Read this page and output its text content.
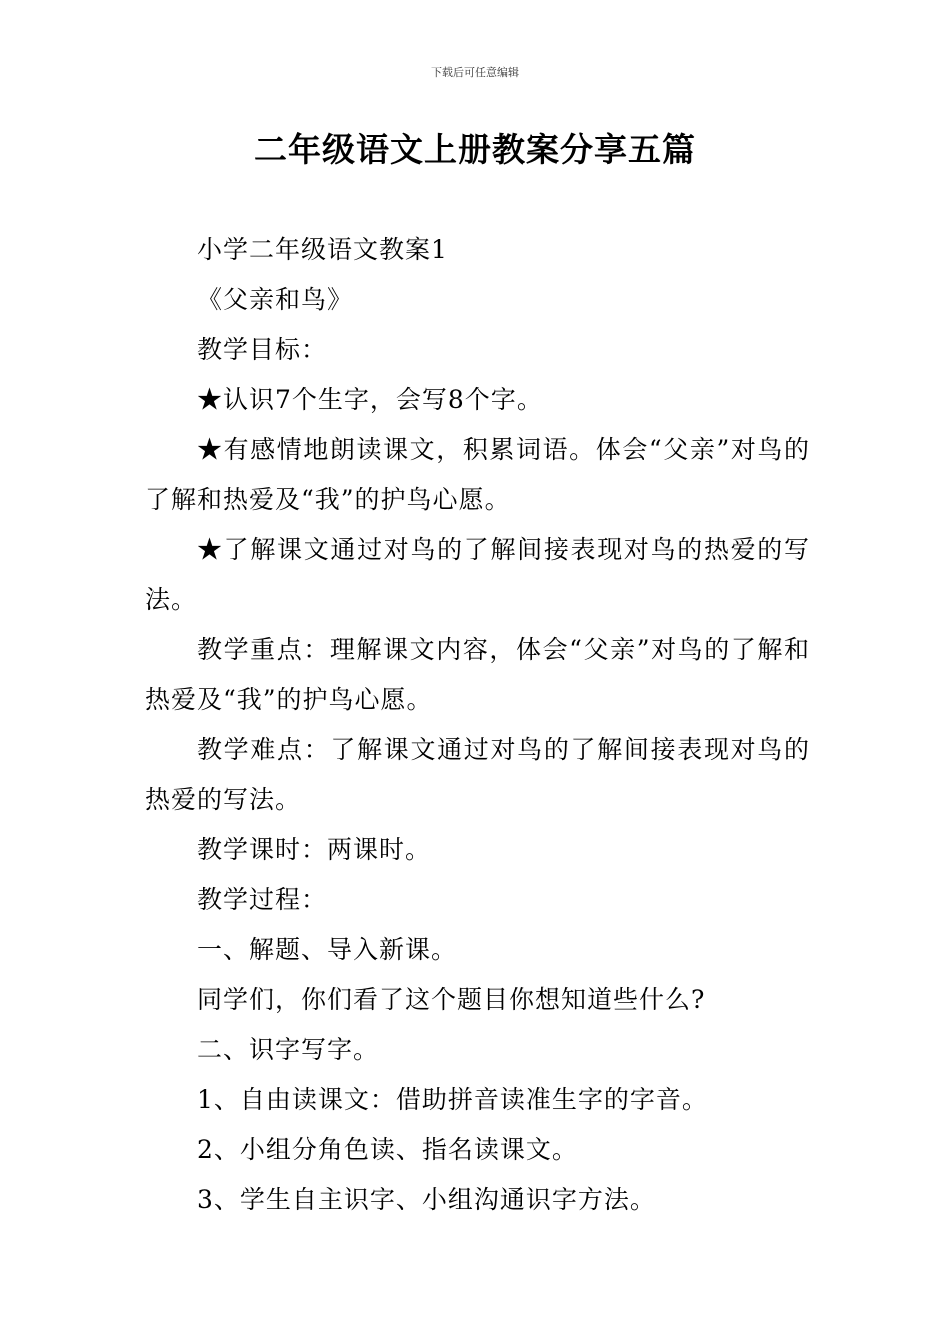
下载后可任意编辑
二年级语文上册教案分享五篇

小学二年级语文教案1

《父亲和鸟》

教学目标：

★认识7个生字，会写8个字。

★有感情地朗读课文，积累词语。体会“父亲”对鸟的了解和热爱及“我”的护鸟心愿。

★了解课文通过对鸟的了解间接表现对鸟的热爱的写法。

教学重点：理解课文内容，体会“父亲”对鸟的了解和热爱及“我”的护鸟心愿。

教学难点：了解课文通过对鸟的了解间接表现对鸟的热爱的写法。

教学课时：两课时。

教学过程：

一、解题、导入新课。

同学们，你们看了这个题目你想知道些什么?

二、识字写字。

1、自由读课文：借助拼音读准生字的字音。

2、小组分角色读、指名读课文。

3、学生自主识字、小组沟通识字方法。
